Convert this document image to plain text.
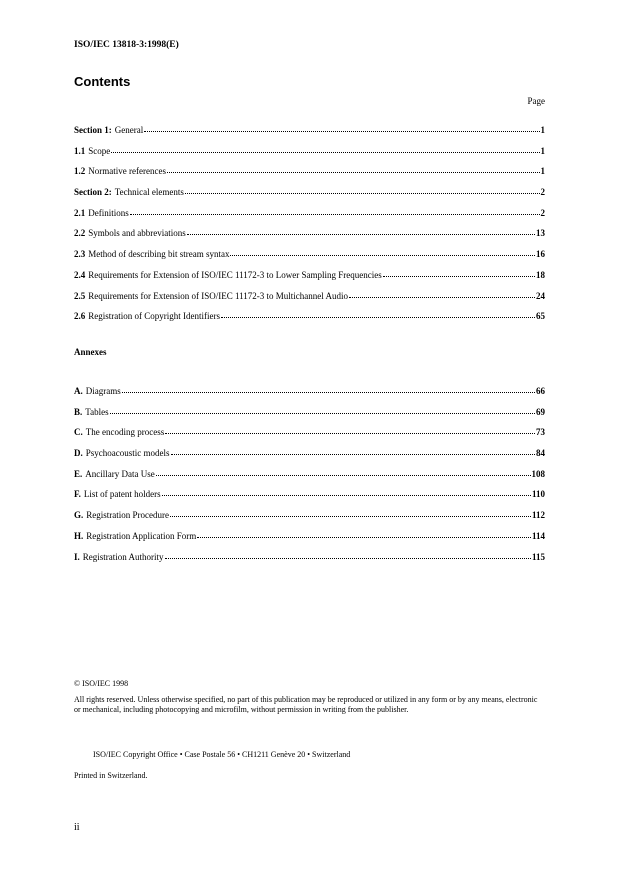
ISO/IEC 13818-3:1998(E)
Contents
Page
Section 1: General	1
1.1 Scope	1
1.2 Normative references	1
Section 2: Technical elements	2
2.1 Definitions	2
2.2 Symbols and abbreviations	13
2.3 Method of describing bit stream syntax	16
2.4 Requirements for Extension of ISO/IEC 11172-3 to Lower Sampling Frequencies	18
2.5 Requirements for Extension of ISO/IEC 11172-3 to Multichannel Audio	24
2.6 Registration of Copyright Identifiers	65
Annexes
A. Diagrams	66
B. Tables	69
C. The encoding process	73
D. Psychoacoustic models	84
E. Ancillary Data Use	108
F. List of patent holders	110
G. Registration Procedure	112
H. Registration Application Form	114
I. Registration Authority	115
© ISO/IEC 1998
All rights reserved. Unless otherwise specified, no part of this publication may be reproduced or utilized in any form or by any means, electronic or mechanical, including photocopying and microfilm, without permission in writing from the publisher.
ISO/IEC Copyright Office • Case Postale 56 • CH1211 Genève 20 • Switzerland
Printed in Switzerland.
ii
